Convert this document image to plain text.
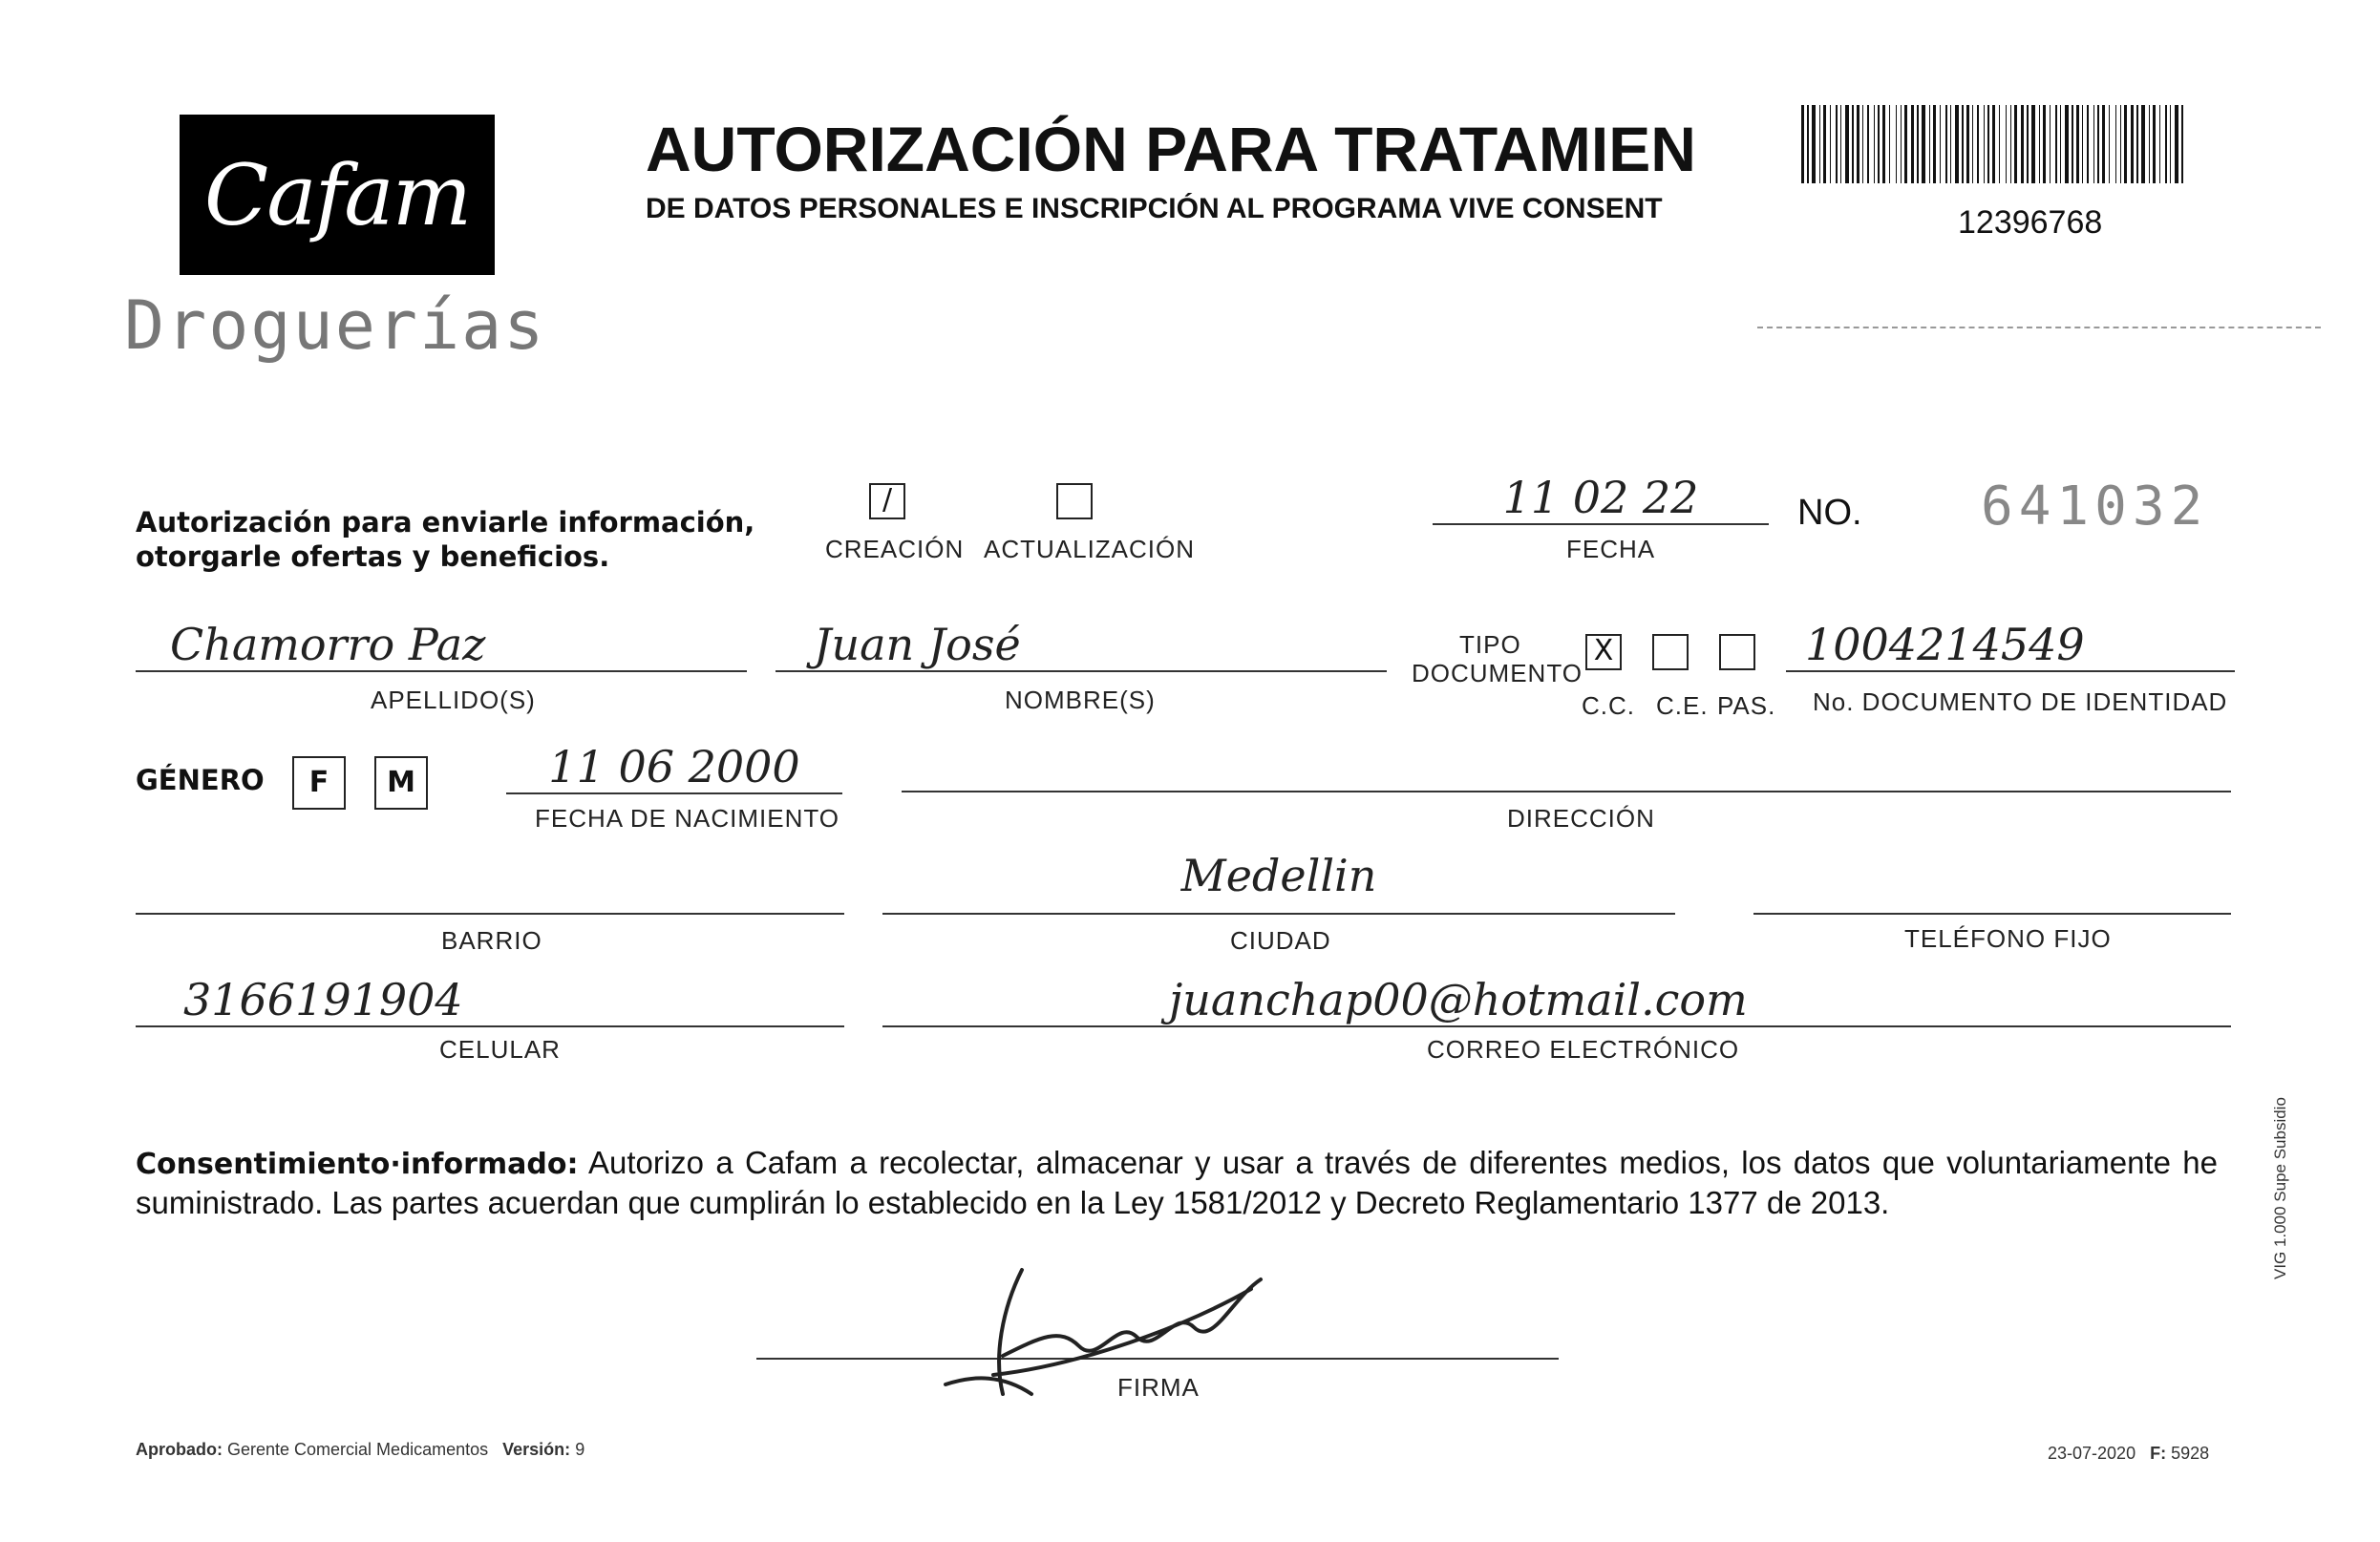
Cafam
Droguerías
AUTORIZACIÓN PARA TRATAMIEN
DE DATOS PERSONALES E INSCRIPCIÓN AL PROGRAMA VIVE CONSENT	12396768
Autorización para enviarle información,
otorgarle ofertas y beneficios.
/
CREACIÓN ACTUALIZACIÓN
11 02 22
FECHA
NO. 641032
Chamorro Paz
APELLIDO(S)
Juan José
NOMBRE(S)
TIPO
DOCUMENTO
X
C.C. C.E. PAS.
1004214549
No. DOCUMENTO DE IDENTIDAD
GÉNERO	F	M	11 06 2000
FECHA DE NACIMIENTO	DIRECCIÓN
BARRIO
Medellin
CIUDAD	TELÉFONO FIJO
3166191904
CELULAR
juanchap00@hotmail.com
CORREO ELECTRÓNICO
Consentimiento·informado: Autorizo a Cafam a recolectar, almacenar y usar a través de diferentes medios, los datos que voluntariamente he suministrado. Las partes acuerdan que cumplirán lo establecido en la Ley 1581/2012 y Decreto Reglamentario 1377 de 2013.
FIRMA
Aprobado: Gerente Comercial Medicamentos Versión: 9	23-07-2020 F: 5928
VIG 1.000 Supe Subsidio
